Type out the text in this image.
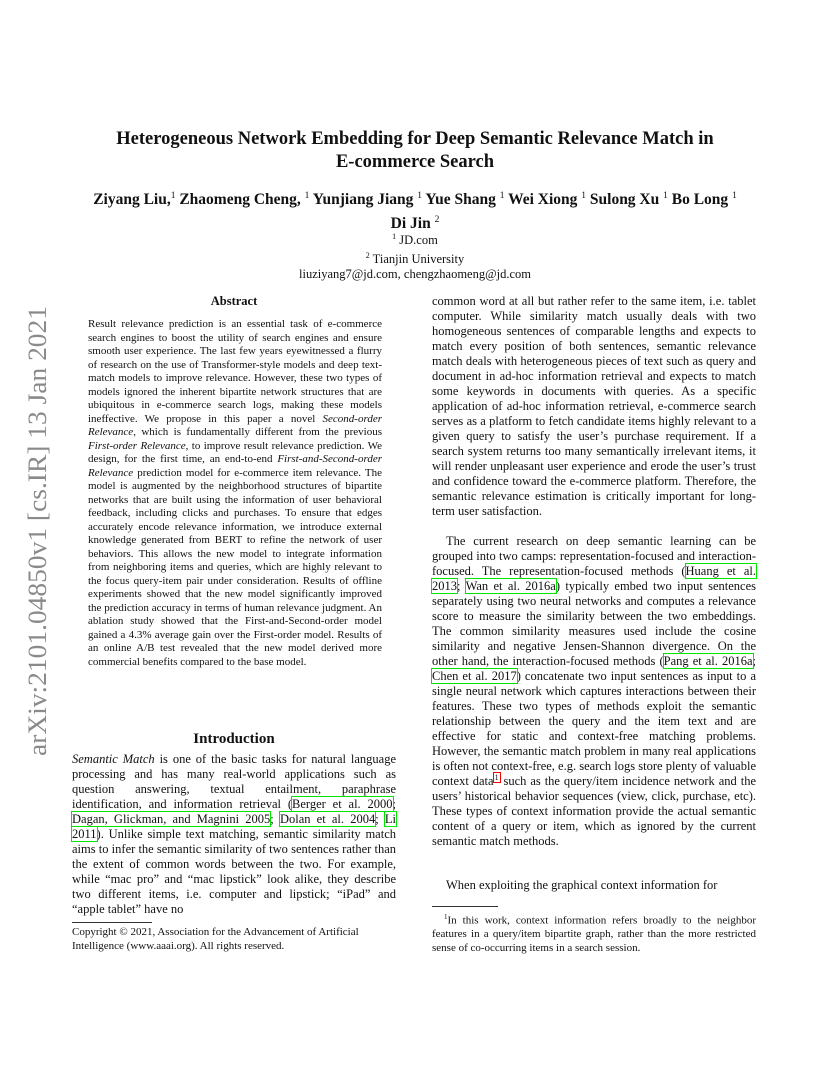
arXiv:2101.04850v1 [cs.IR] 13 Jan 2021
Heterogeneous Network Embedding for Deep Semantic Relevance Match in
E-commerce Search
Ziyang Liu,$^1$ Zhaomeng Cheng, $^1$ Yunjiang Jiang $^1$ Yue Shang $^1$ Wei Xiong $^1$ Sulong Xu $^1$ Bo Long $^1$
Di Jin $^2$
$^1$ JD.com
$^2$ Tianjin University
liuziyang7@jd.com, chengzhaomeng@jd.com
Abstract
Result relevance prediction is an essential task of e-commerce search engines to boost the utility of search engines and ensure smooth user experience. The last few years eyewitnessed a flurry of research on the use of Transformer-style models and deep text-match models to improve relevance. However, these two types of models ignored the inherent bipartite network structures that are ubiquitous in e-commerce search logs, making these models ineffective. We propose in this paper a novel Second-order Relevance, which is fundamentally different from the previous First-order Relevance, to improve result relevance prediction. We design, for the first time, an end-to-end First-and-Second-order Relevance prediction model for e-commerce item relevance. The model is augmented by the neighborhood structures of bipartite networks that are built using the information of user behavioral feedback, including clicks and purchases. To ensure that edges accurately encode relevance information, we introduce external knowledge generated from BERT to refine the network of user behaviors. This allows the new model to integrate information from neighboring items and queries, which are highly relevant to the focus query-item pair under consideration. Results of offline experiments showed that the new model significantly improved the prediction accuracy in terms of human relevance judgment. An ablation study showed that the First-and-Second-order model gained a 4.3% average gain over the First-order model. Results of an online A/B test revealed that the new model derived more commercial benefits compared to the base model.
Introduction
Semantic Match is one of the basic tasks for natural language processing and has many real-world applications such as question answering, textual entailment, paraphrase identification, and information retrieval (Berger et al. 2000; Dagan, Glickman, and Magnini 2005; Dolan et al. 2004; Li 2011). Unlike simple text matching, semantic similarity match aims to infer the semantic similarity of two sentences rather than the extent of common words between the two. For example, while “mac pro” and “mac lipstick” look alike, they describe two different items, i.e. computer and lipstick; “iPad” and “apple tablet” have no
Copyright © 2021, Association for the Advancement of Artificial Intelligence (www.aaai.org). All rights reserved.
common word at all but rather refer to the same item, i.e. tablet computer. While similarity match usually deals with two homogeneous sentences of comparable lengths and expects to match every position of both sentences, semantic relevance match deals with heterogeneous pieces of text such as query and document in ad-hoc information retrieval and expects to match some keywords in documents with queries. As a specific application of ad-hoc information retrieval, e-commerce search serves as a platform to fetch candidate items highly relevant to a given query to satisfy the user’s purchase requirement. If a search system returns too many semantically irrelevant items, it will render unpleasant user experience and erode the user’s trust and confidence toward the e-commerce platform. Therefore, the semantic relevance estimation is critically important for long-term user satisfaction.
The current research on deep semantic learning can be grouped into two camps: representation-focused and interaction-focused. The representation-focused methods (Huang et al. 2013; Wan et al. 2016a) typically embed two input sentences separately using two neural networks and computes a relevance score to measure the similarity between the two embeddings. The common similarity measures used include the cosine similarity and negative Jensen-Shannon divergence. On the other hand, the interaction-focused methods (Pang et al. 2016a; Chen et al. 2017) concatenate two input sentences as input to a single neural network which captures interactions between their features. These two types of methods exploit the semantic relationship between the query and the item text and are effective for static and context-free matching problems. However, the semantic match problem in many real applications is often not context-free, e.g. search logs store plenty of valuable context data$^1$ such as the query/item incidence network and the users’ historical behavior sequences (view, click, purchase, etc). These types of context information provide the actual semantic content of a query or item, which as ignored by the current semantic match methods.
When exploiting the graphical context information for
$^1$In this work, context information refers broadly to the neighbor features in a query/item bipartite graph, rather than the more restricted sense of co-occurring items in a search session.
